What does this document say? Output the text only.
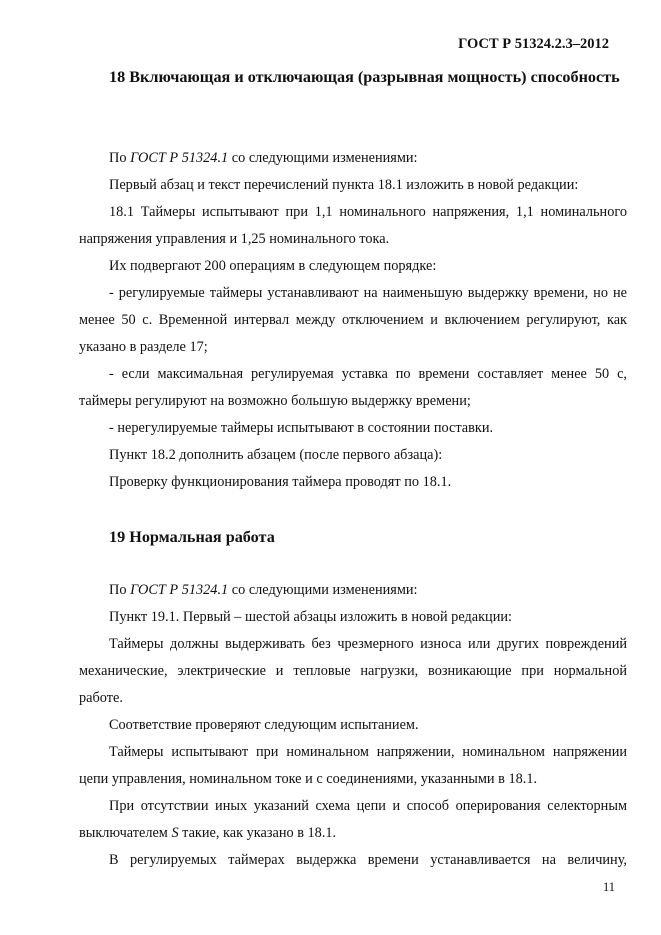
ГОСТ Р 51324.2.3–2012

18 Включающая и отключающая (разрывная мощность) способность

По ГОСТ Р 51324.1 со следующими изменениями:

Первый абзац и текст перечислений пункта 18.1 изложить в новой редакции:

18.1 Таймеры испытывают при 1,1 номинального напряжения, 1,1 номинального напряжения управления и 1,25 номинального тока.

Их подвергают 200 операциям в следующем порядке:

- регулируемые таймеры устанавливают на наименьшую выдержку времени, но не менее 50 с. Временной интервал между отключением и включением регулируют, как указано в разделе 17;

- если максимальная регулируемая уставка по времени составляет менее 50 с, таймеры регулируют на возможно большую выдержку времени;

- нерегулируемые таймеры испытывают в состоянии поставки.

Пункт 18.2 дополнить абзацем (после первого абзаца):

Проверку функционирования таймера проводят по 18.1.

19 Нормальная работа

По ГОСТ Р 51324.1 со следующими изменениями:

Пункт 19.1. Первый – шестой абзацы изложить в новой редакции:

Таймеры должны выдерживать без чрезмерного износа или других повреждений механические, электрические и тепловые нагрузки, возникающие при нормальной работе.

Соответствие проверяют следующим испытанием.

Таймеры испытывают при номинальном напряжении, номинальном напряжении цепи управления, номинальном токе и с соединениями, указанными в 18.1.

При отсутствии иных указаний схема цепи и способ оперирования селекторным выключателем S такие, как указано в 18.1.

В регулируемых таймерах выдержка времени устанавливается на величину,

11
